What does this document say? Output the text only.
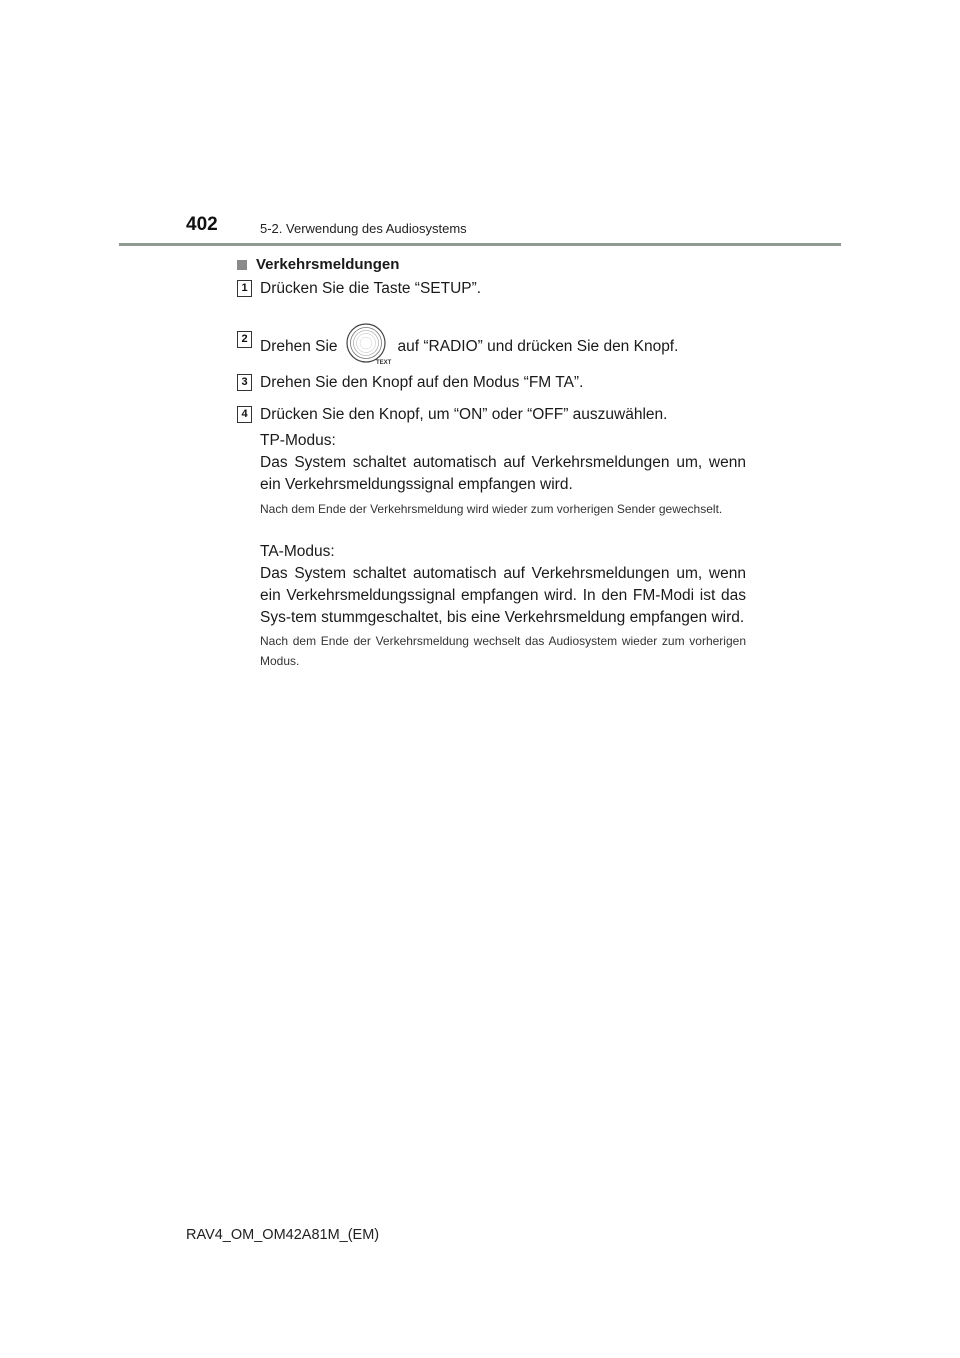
402	5-2. Verwendung des Audiosystems
Verkehrsmeldungen
1 Drücken Sie die Taste “SETUP”.
2 Drehen Sie
TEXT
auf “RADIO” und drücken Sie den Knopf.
3 Drehen Sie den Knopf auf den Modus “FM TA”.
4 Drücken Sie den Knopf, um “ON” oder “OFF” auszuwählen.
TP-Modus:
Das System schaltet automatisch auf Verkehrsmeldungen um, wenn ein Verkehrsmeldungssignal empfangen wird.
Nach dem Ende der Verkehrsmeldung wird wieder zum vorherigen Sender gewechselt.
TA-Modus:
Das System schaltet automatisch auf Verkehrsmeldungen um, wenn ein Verkehrsmeldungssignal empfangen wird. In den FM-Modi ist das Sys-tem stummgeschaltet, bis eine Verkehrsmeldung empfangen wird.
Nach dem Ende der Verkehrsmeldung wechselt das Audiosystem wieder zum vorherigen Modus.
RAV4_OM_OM42A81M_(EM)
